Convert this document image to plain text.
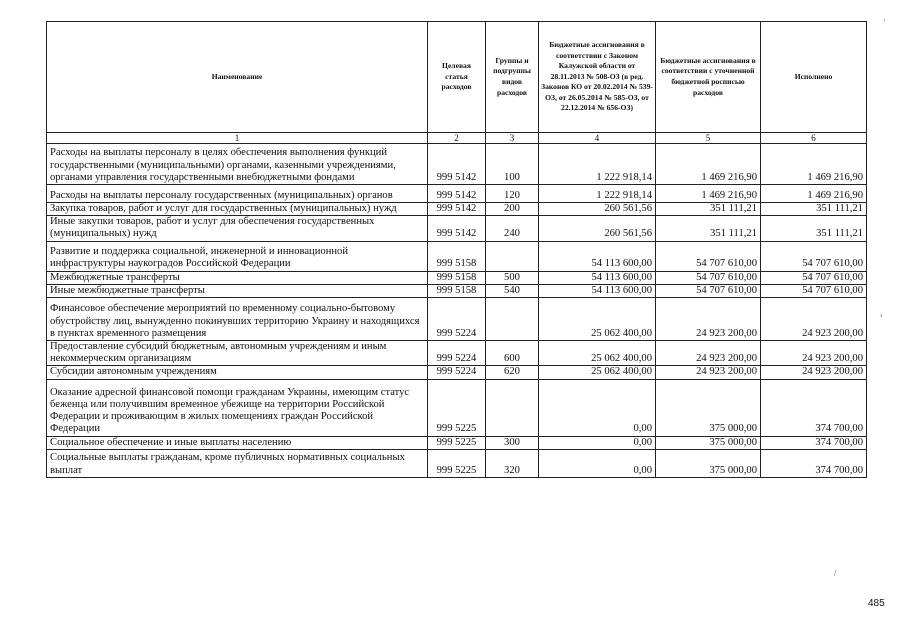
Наименование	Целевая статья расходов	Группы и подгруппы видов расходов	Бюджетные ассигнования в соответствии с Законом Калужской области от 28.11.2013 № 508-ОЗ (в ред. Законов КО от 20.02.2014 № 539-ОЗ, от 26.05.2014 № 585-ОЗ, от 22.12.2014 № 656-ОЗ)	Бюджетные ассигнования в соответствии с уточненной бюджетной росписью расходов	Исполнено
1	2	3	4	5	6
Расходы на выплаты персоналу в целях обеспечения выполнения функций государственными (муниципальными) органами, казенными учреждениями, органами управления государственными внебюджетными фондами	999 5142	100	1 222 918,14	1 469 216,90	1 469 216,90
Расходы на выплаты персоналу государственных (муниципальных) органов	999 5142	120	1 222 918,14	1 469 216,90	1 469 216,90
Закупка товаров, работ и услуг для государственных (муниципальных) нужд	999 5142	200	260 561,56	351 111,21	351 111,21
Иные закупки товаров, работ и услуг для обеспечения государственных (муниципальных) нужд	999 5142	240	260 561,56	351 111,21	351 111,21
Развитие и поддержка социальной, инженерной и инновационной инфраструктуры наукоградов Российской Федерации	999 5158		54 113 600,00	54 707 610,00	54 707 610,00
Межбюджетные трансферты	999 5158	500	54 113 600,00	54 707 610,00	54 707 610,00
Иные межбюджетные трансферты	999 5158	540	54 113 600,00	54 707 610,00	54 707 610,00
Финансовое обеспечение мероприятий по временному социально-бытовому обустройству лиц, вынужденно покинувших территорию Украину и находящихся в пунктах временного размещения	999 5224		25 062 400,00	24 923 200,00	24 923 200,00
Предоставление субсидий бюджетным, автономным учреждениям и иным некоммерческим организациям	999 5224	600	25 062 400,00	24 923 200,00	24 923 200,00
Субсидии автономным учреждениям	999 5224	620	25 062 400,00	24 923 200,00	24 923 200,00
Оказание адресной финансовой помощи гражданам Украины, имеющим статус беженца или получившим временное убежище на территории Российской Федерации и проживающим в жилых помещениях граждан Российской Федерации	999 5225		0,00	375 000,00	374 700,00
Социальное обеспечение и иные выплаты населению	999 5225	300	0,00	375 000,00	374 700,00
Социальные выплаты гражданам, кроме публичных нормативных социальных выплат	999 5225	320	0,00	375 000,00	374 700,00
485
'
‹
/
